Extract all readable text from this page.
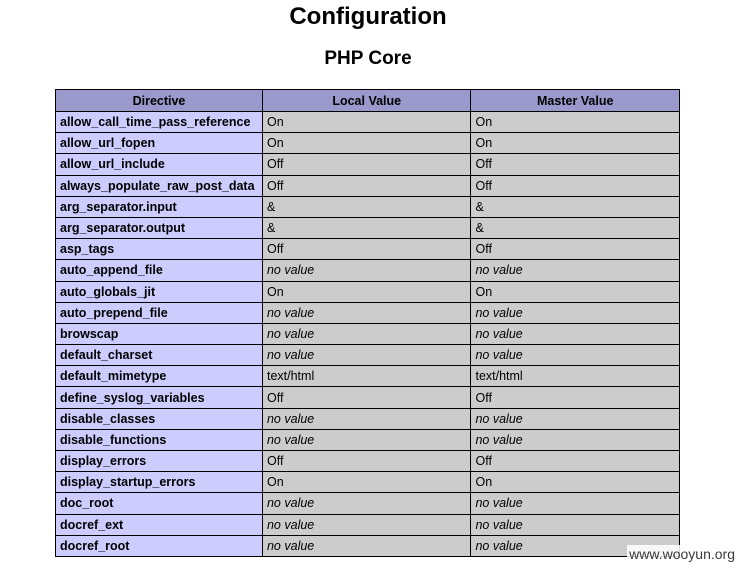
Configuration
PHP Core
Directive	Local Value	Master Value
allow_call_time_pass_reference	On	On
allow_url_fopen	On	On
allow_url_include	Off	Off
always_populate_raw_post_data	Off	Off
arg_separator.input	&	&
arg_separator.output	&	&
asp_tags	Off	Off
auto_append_file	no value	no value
auto_globals_jit	On	On
auto_prepend_file	no value	no value
browscap	no value	no value
default_charset	no value	no value
default_mimetype	text/html	text/html
define_syslog_variables	Off	Off
disable_classes	no value	no value
disable_functions	no value	no value
display_errors	Off	Off
display_startup_errors	On	On
doc_root	no value	no value
docref_ext	no value	no value
docref_root	no value	no value
www.wooyun.org
